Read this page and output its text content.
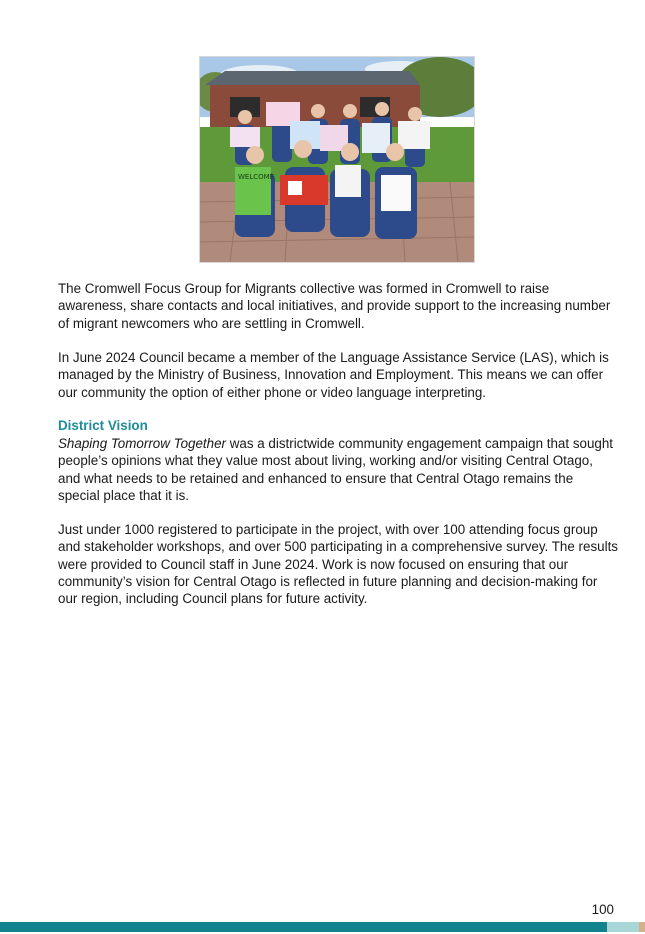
WELCOME

The Cromwell Focus Group for Migrants collective was formed in Cromwell to raise awareness, share contacts and local initiatives, and provide support to the increasing number of migrant newcomers who are settling in Cromwell.

In June 2024 Council became a member of the Language Assistance Service (LAS), which is managed by the Ministry of Business, Innovation and Employment. This means we can offer our community the option of either phone or video language interpreting.

District Vision

Shaping Tomorrow Together was a districtwide community engagement campaign that sought people’s opinions what they value most about living, working and/or visiting Central Otago, and what needs to be retained and enhanced to ensure that Central Otago remains the special place that it is.

Just under 1000 registered to participate in the project, with over 100 attending focus group and stakeholder workshops, and over 500 participating in a comprehensive survey. The results were provided to Council staff in June 2024. Work is now focused on ensuring that our community’s vision for Central Otago is reflected in future planning and decision-making for our region, including Council plans for future activity.

100
